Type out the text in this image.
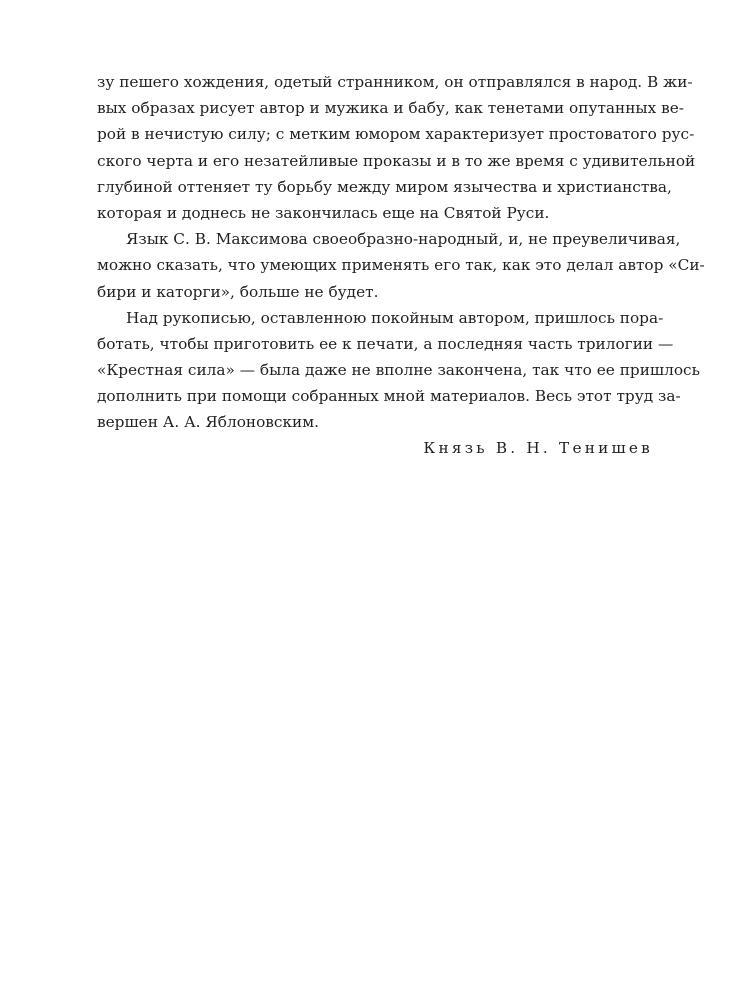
зу пешего хождения, одетый странником, он отправлялся в народ. В жи-
вых образах рисует автор и мужика и бабу, как тенетами опутанных ве-
рой в нечистую силу; с метким юмором характеризует простоватого рус-
ского черта и его незатейливые проказы и в то же время с удивительной
глубиной оттеняет ту борьбу между миром язычества и христианства,
которая и доднесь не закончилась еще на Святой Руси.
Язык С. В. Максимова своеобразно-народный, и, не преувеличивая,
можно сказать, что умеющих применять его так, как это делал автор «Си-
бири и каторги», больше не будет.
Над рукописью, оставленною покойным автором, пришлось пора-
ботать, чтобы приготовить ее к печати, а последняя часть трилогии —
«Крестная сила» — была даже не вполне закончена, так что ее пришлось
дополнить при помощи собранных мной материалов. Весь этот труд за-
вершен А. А. Яблоновским.
Князь В. Н. Тенишев
